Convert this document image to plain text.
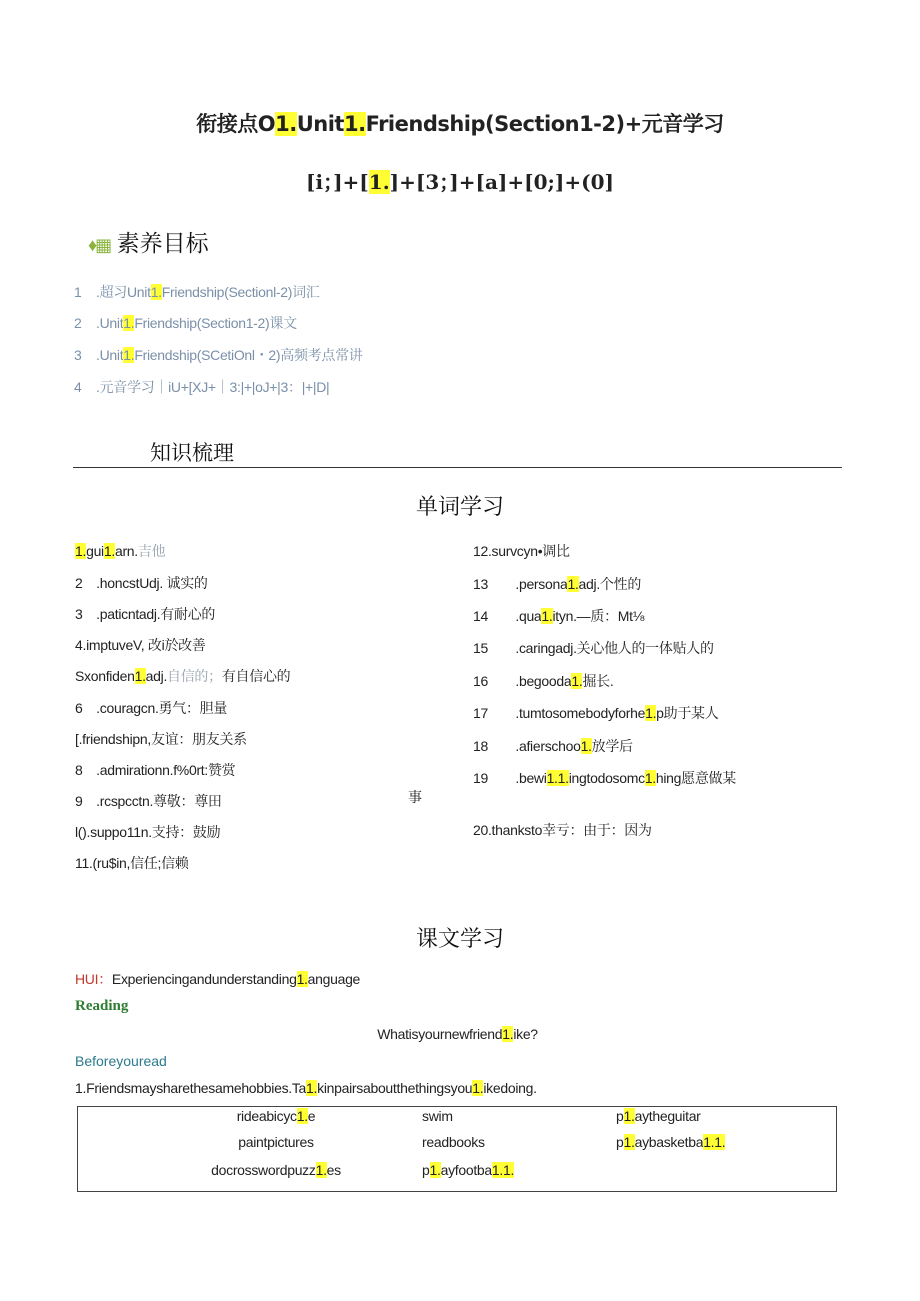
衔接点O1.Unit1.Friendship(Section1-2)+元音学习
[i；]+[1.]+[3；]+[a]+[0;]+(0]
♦▦ 素养目标
1 .超习Unit1.Friendship(Sectionl-2)词汇
2 .Unit1.Friendship(Section1-2)课文
3 .Unit1.Friendship(SCetiOnl・2)高频考点常讲
4 .元音学习｜iU+[XJ+｜3:|+|oJ+|3：|+|D|
知识梳理
单词学习
1.gui1.arn.吉他
2　.honcstUdj. 诚实的
3　.paticntadj.有耐心的
4.imptuveV, 改i於改善
Sxonfiden1.adj.自信的；有自信心的
6　.couragcn.勇气：胆量
[.friendshipn,友谊：朋友关系
8　.admirationn.f%0rt:赞赏
9　.rcspcctn.尊敬：尊田
l().suppo11n.支持：鼓励
11.(ru$in,信任;信赖
12.survcyn•调比
13　　.persona1.adj.个性的
14　　.qua1.ityn.—质：Mt⅛
15　　.caringadj.关心他人的一体贴人的
16　　.begooda1.掘长.
17　　.tumtosomebodyforhe1.p助于某人
18　　.afierschoo1.放学后
19　　.bewi1.1.ingtodosomc1.hing愿意做某
20.thanksto幸亏：由于：因为
事
课文学习
HUI：Experiencingandunderstanding1.anguage
Reading
Whatisyournewfriend1.ike?
Beforeyouread
1.Friendsmaysharethesamehobbies.Ta1.kinpairsaboutthethingsyou1.ikedoing.
rideabicyc1.e	swim	p1.aytheguitar
paintpictures	readbooks	p1.aybasketba1.1.
docrosswordpuzz1.es	p1.ayfootba1.1.
